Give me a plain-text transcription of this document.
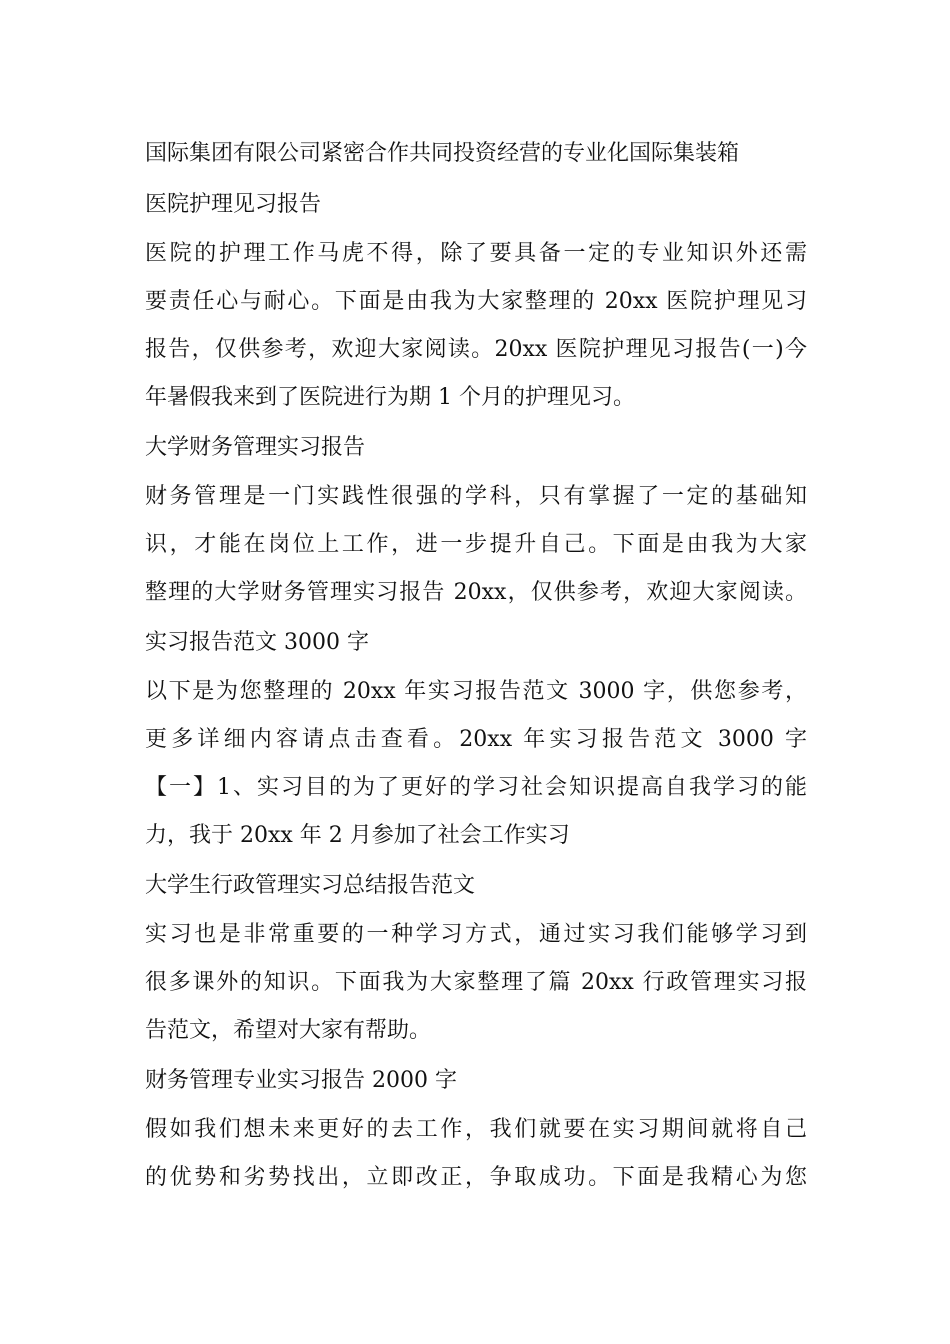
国际集团有限公司紧密合作共同投资经营的专业化国际集装箱

医院护理见习报告

医院的护理工作马虎不得，除了要具备一定的专业知识外还需

要责任心与耐心。下面是由我为大家整理的 20xx 医院护理见习

报告，仅供参考，欢迎大家阅读。20xx 医院护理见习报告(一)今

年暑假我来到了医院进行为期 1 个月的护理见习。

大学财务管理实习报告

财务管理是一门实践性很强的学科，只有掌握了一定的基础知

识，才能在岗位上工作，进一步提升自己。下面是由我为大家

整理的大学财务管理实习报告 20xx，仅供参考，欢迎大家阅读。

实习报告范文 3000 字

以下是为您整理的 20xx 年实习报告范文 3000 字，供您参考，

更多详细内容请点击查看。20xx 年实习报告范文 3000 字

【一】1、实习目的为了更好的学习社会知识提高自我学习的能

力，我于 20xx 年 2 月参加了社会工作实习

大学生行政管理实习总结报告范文

实习也是非常重要的一种学习方式，通过实习我们能够学习到

很多课外的知识。下面我为大家整理了篇 20xx 行政管理实习报

告范文，希望对大家有帮助。

财务管理专业实习报告 2000 字

假如我们想未来更好的去工作，我们就要在实习期间就将自己

的优势和劣势找出，立即改正，争取成功。下面是我精心为您
